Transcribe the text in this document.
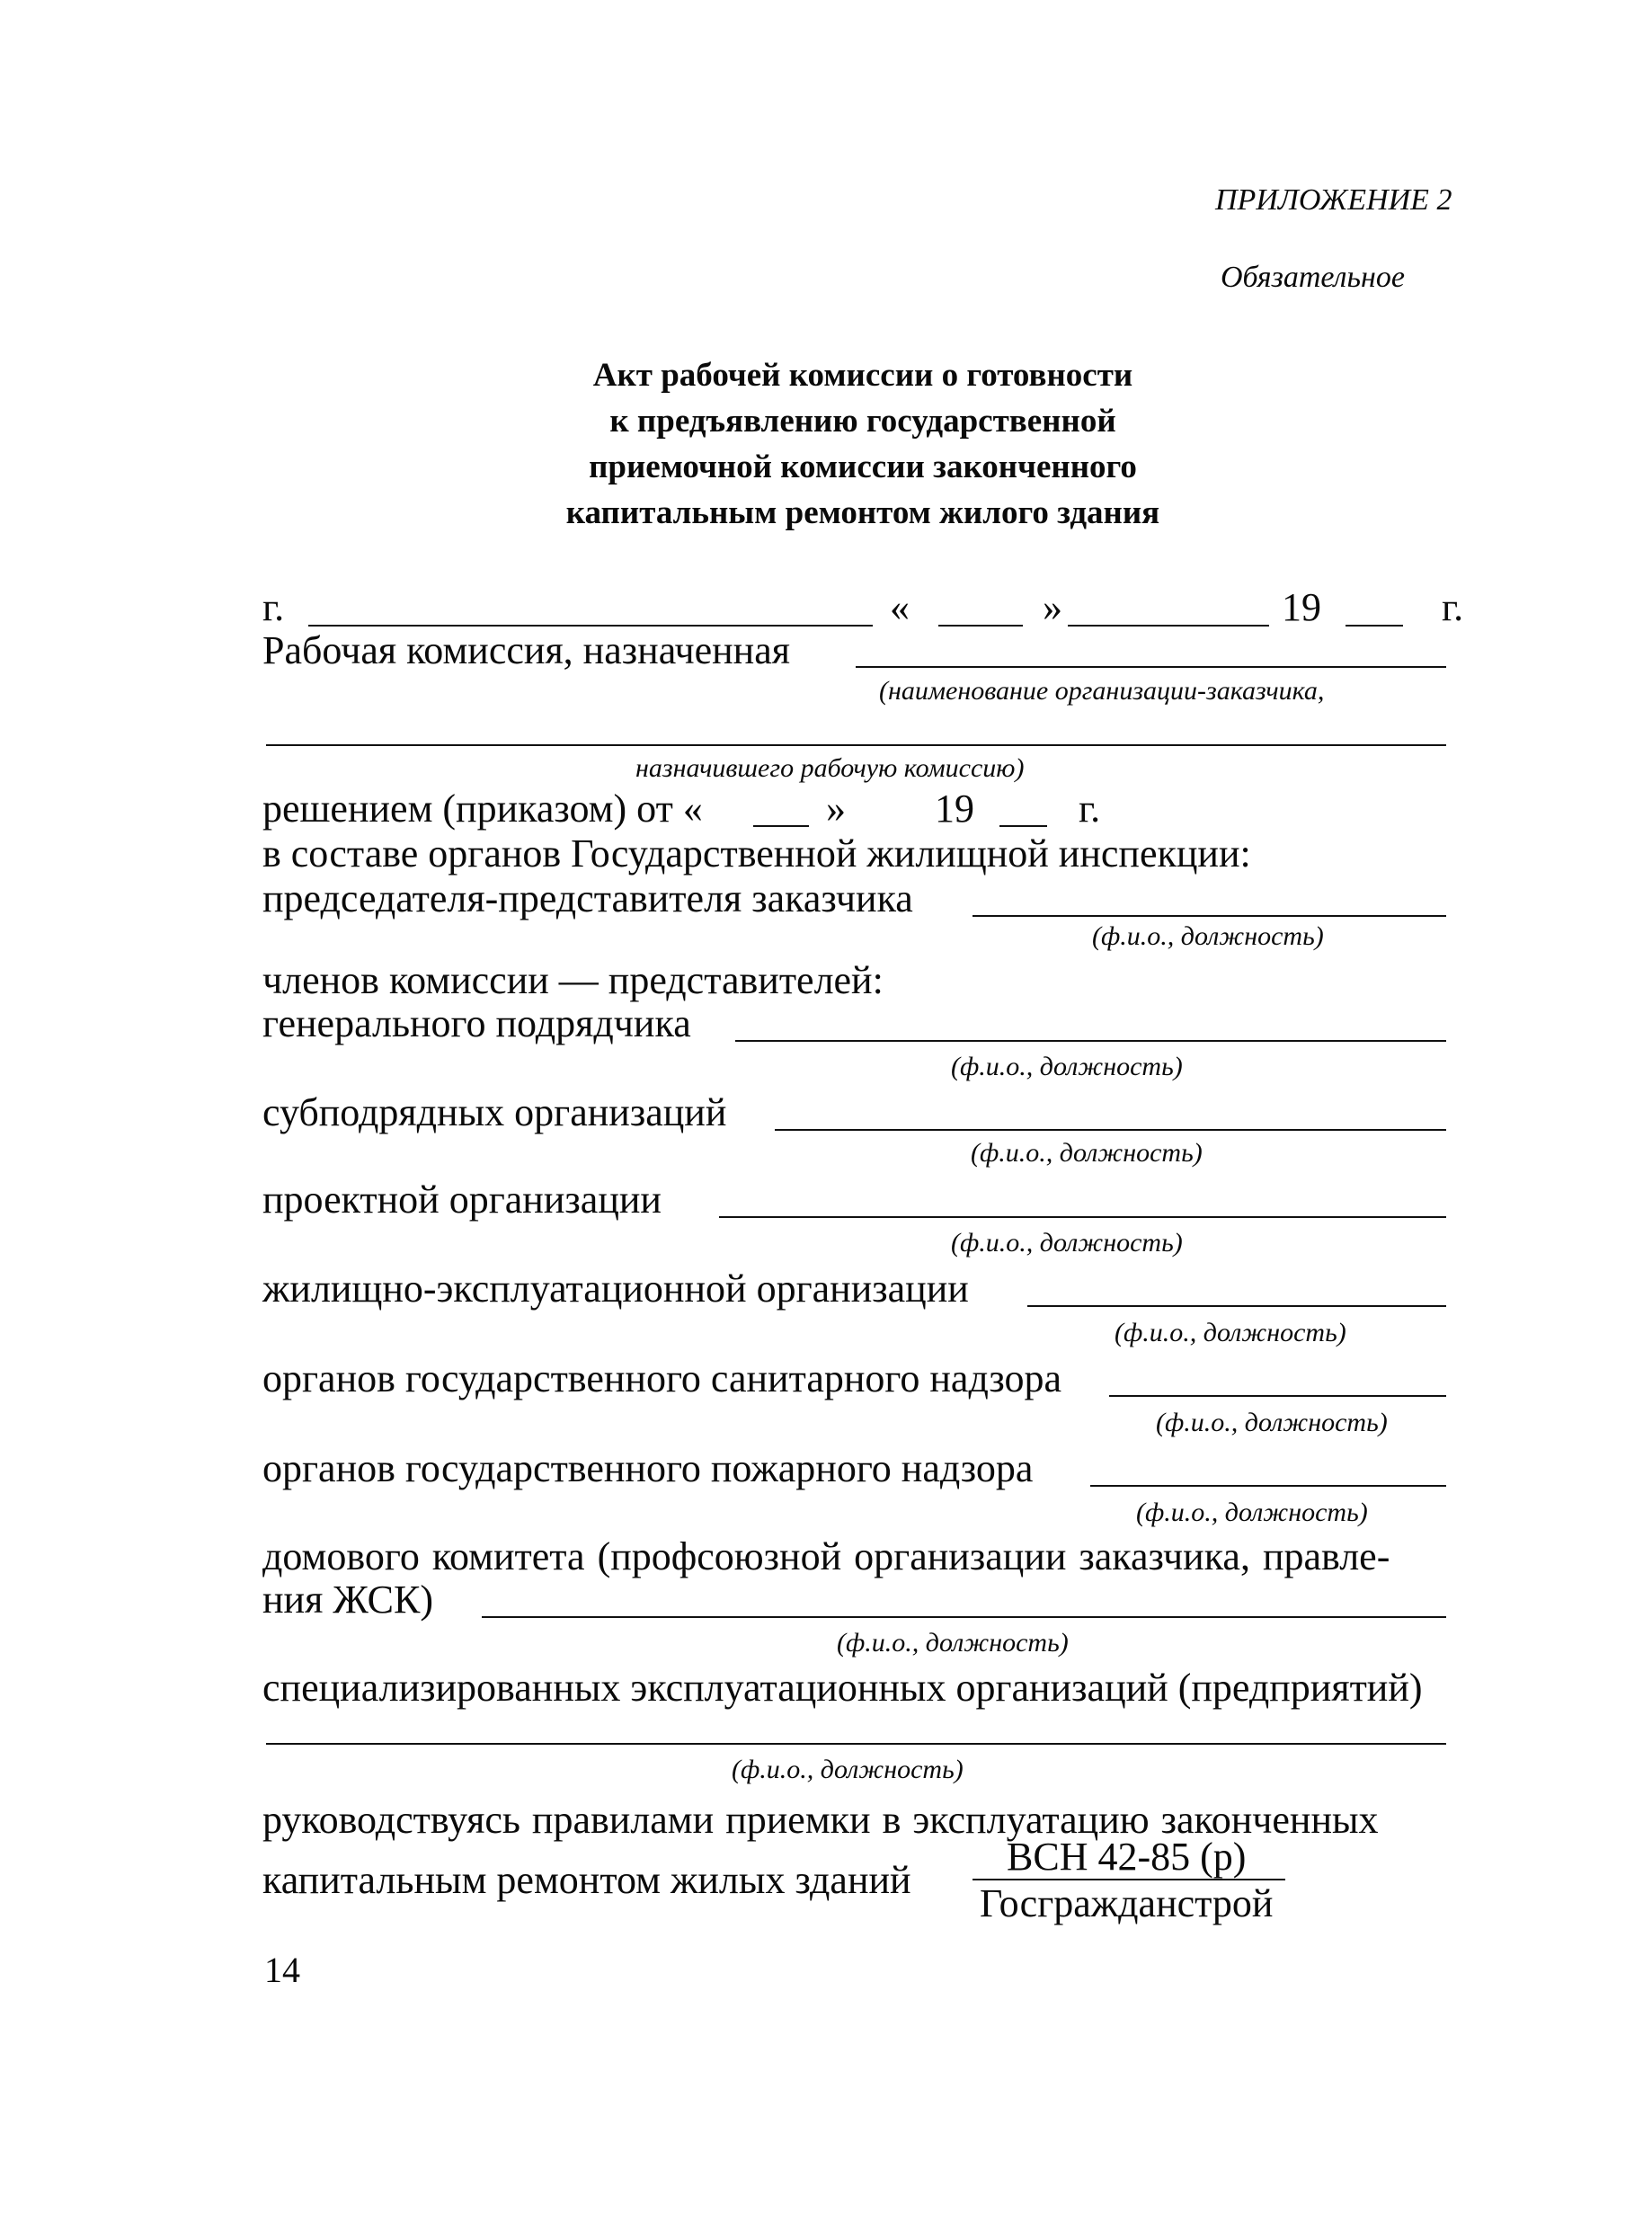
ПРИЛОЖЕНИЕ 2
Обязательное
Акт рабочей комиссии о готовности
к предъявлению государственной
приемочной комиссии законченного
капитальным ремонтом жилого здания
г.	«	»	19	г.
Рабочая комиссия, назначенная
(наименование организации-заказчика,
назначившего рабочую комиссию)
решением (приказом) от «	» 19	г.
в составе органов Государственной жилищной инспекции:
председателя-представителя заказчика
(ф.и.о., должность)
членов комиссии — представителей:
генерального подрядчика
(ф.и.о., должность)
субподрядных организаций
(ф.и.о., должность)
проектной организации
(ф.и.о., должность)
жилищно-эксплуатационной организации
(ф.и.о., должность)
органов государственного санитарного надзора
(ф.и.о., должность)
органов государственного пожарного надзора
(ф.и.о., должность)
домового комитета (профсоюзной организации заказчика, правле-
ния ЖСК)
(ф.и.о., должность)
специализированных эксплуатационных организаций (предприятий)
(ф.и.о., должность)
руководствуясь правилами приемки в эксплуатацию законченных
капитальным ремонтом жилых зданий
ВСН 42-85 (р)
Госгражданстрой
14
